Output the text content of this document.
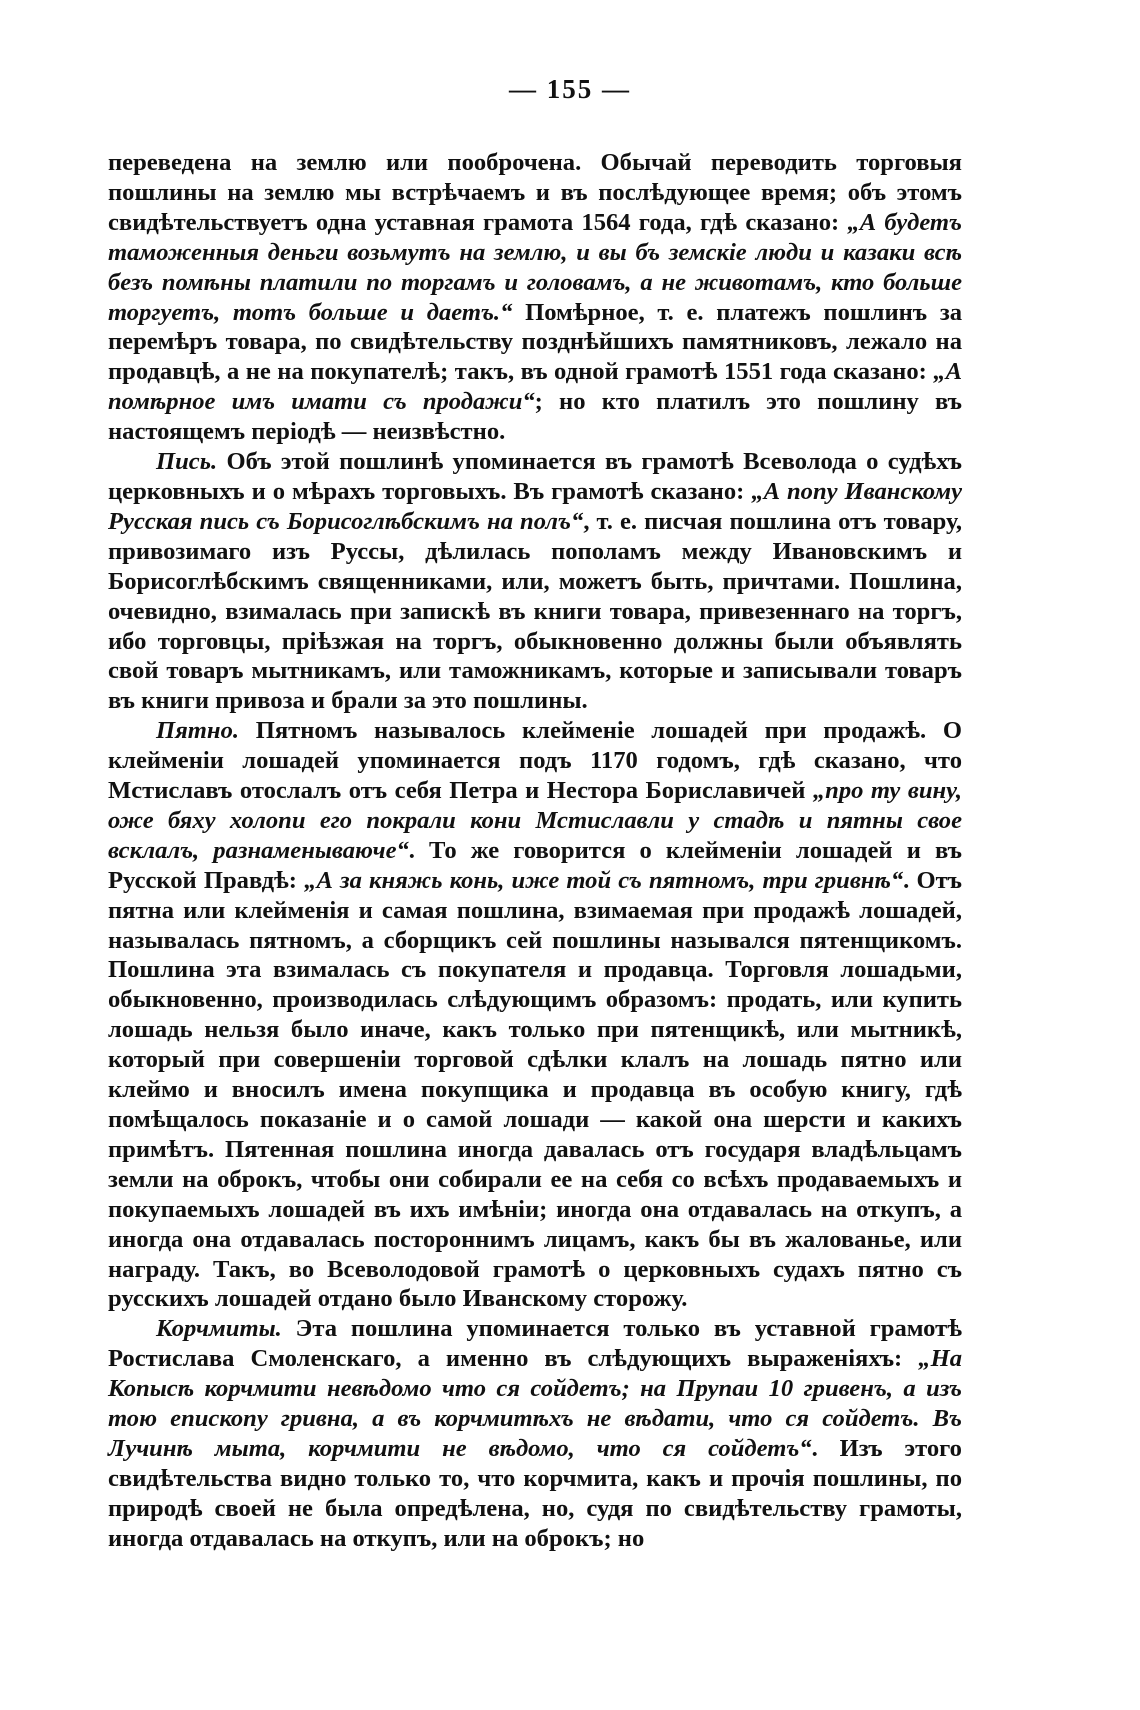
— 155 —

переведена на землю или пооброчена. Обычай переводить торговыя пошлины на землю мы встрѣчаемъ и въ послѣдующее время; объ этомъ свидѣтельствуетъ одна уставная грамота 1564 года, гдѣ сказано: „А будетъ таможенныя деньги возьмутъ на землю, и вы бъ земскіе люди и казаки всѣ безъ помѣны платили по торгамъ и головамъ, а не животамъ, кто больше торгуетъ, тотъ больше и даетъ.“ Помѣрное, т. е. платежъ пошлинъ за перемѣръ товара, по свидѣтельству позднѣйшихъ памятниковъ, лежало на продавцѣ, а не на покупателѣ; такъ, въ одной грамотѣ 1551 года сказано: „А помѣрное имъ имати съ продажи“; но кто платилъ это пошлину въ настоящемъ періодѣ — неизвѣстно.

Пись. Объ этой пошлинѣ упоминается въ грамотѣ Всеволода о судѣхъ церковныхъ и о мѣрахъ торговыхъ. Въ грамотѣ сказано: „А попу Иванскому Русская пись съ Борисоглѣбскимъ на полъ“, т. е. писчая пошлина отъ товару, привозимаго изъ Руссы, дѣлилась пополамъ между Ивановскимъ и Борисоглѣбскимъ священниками, или, можетъ быть, причтами. Пошлина, очевидно, взималась при запискѣ въ книги товара, привезеннаго на торгъ, ибо торговцы, пріѣзжая на торгъ, обыкновенно должны были объявлять свой товаръ мытникамъ, или таможникамъ, которые и записывали товаръ въ книги привоза и брали за это пошлины.

Пятно. Пятномъ называлось клейменіе лошадей при продажѣ. О клейменіи лошадей упоминается подъ 1170 годомъ, гдѣ сказано, что Мстиславъ отослалъ отъ себя Петра и Нестора Бориславичей „про ту вину, оже бяху холопи его покрали кони Мстиславли у стадѣ и пятны свое всклалъ, разнаменываюче“. То же говорится о клейменіи лошадей и въ Русской Правдѣ: „А за княжь конь, иже той съ пятномъ, три гривнѣ“. Отъ пятна или клейменія и самая пошлина, взимаемая при продажѣ лошадей, называлась пятномъ, а сборщикъ сей пошлины назывался пятенщикомъ. Пошлина эта взималась съ покупателя и продавца. Торговля лошадьми, обыкновенно, производилась слѣдующимъ образомъ: продать, или купить лошадь нельзя было иначе, какъ только при пятенщикѣ, или мытникѣ, который при совершеніи торговой сдѣлки клалъ на лошадь пятно или клеймо и вносилъ имена покупщика и продавца въ особую книгу, гдѣ помѣщалось показаніе и о самой лошади — какой она шерсти и какихъ примѣтъ. Пятенная пошлина иногда давалась отъ государя владѣльцамъ земли на оброкъ, чтобы они собирали ее на себя со всѣхъ продаваемыхъ и покупаемыхъ лошадей въ ихъ имѣніи; иногда она отдавалась на откупъ, а иногда она отдавалась постороннимъ лицамъ, какъ бы въ жалованье, или награду. Такъ, во Всеволодовой грамотѣ о церковныхъ судахъ пятно съ русскихъ лошадей отдано было Иванскому сторожу.

Корчмиты. Эта пошлина упоминается только въ уставной грамотѣ Ростислава Смоленскаго, а именно въ слѣдующихъ выраженіяхъ: „На Копысѣ корчмити невѣдомо что ся сойдетъ; на Прупаи 10 гривенъ, а изъ тою епископу гривна, а въ корчмитѣхъ не вѣдати, что ся сойдетъ. Въ Лучинѣ мыта, корчмити не вѣдомо, что ся сойдетъ“. Изъ этого свидѣтельства видно только то, что корчмита, какъ и прочія пошлины, по природѣ своей не была опредѣлена, но, судя по свидѣтельству грамоты, иногда отдавалась на откупъ, или на оброкъ; но
